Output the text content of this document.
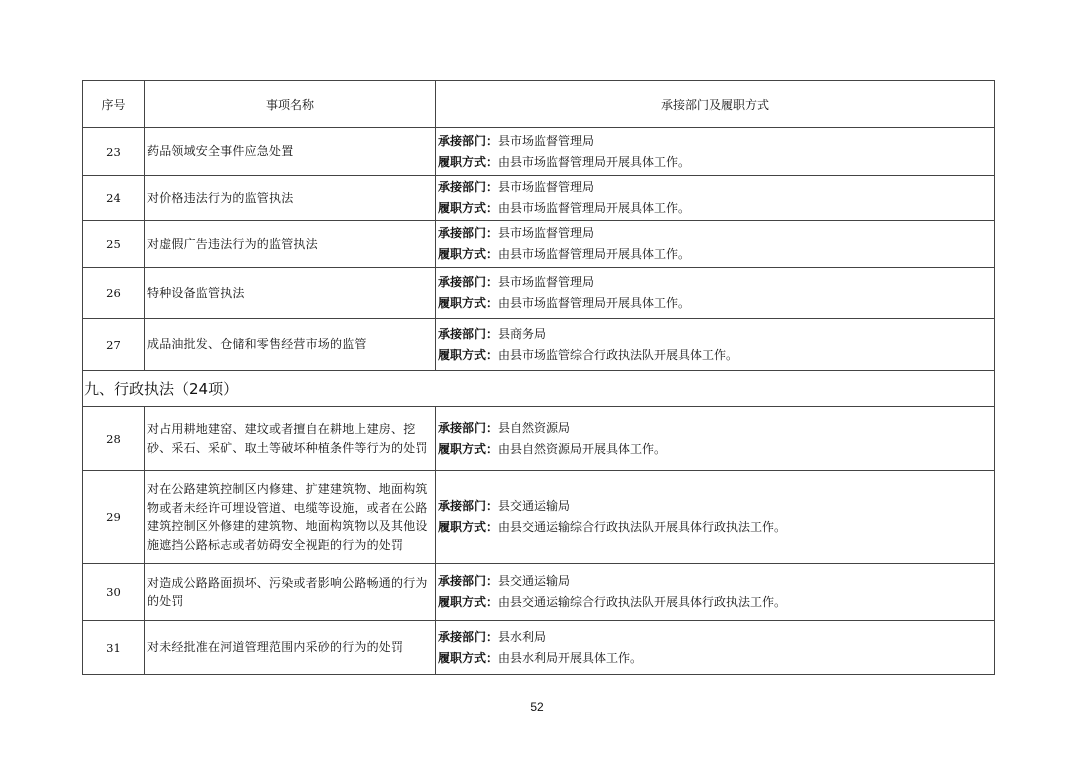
序号	事项名称	承接部门及履职方式
23	药品领域安全事件应急处置	承接部门：县市场监督管理局
履职方式：由县市场监督管理局开展具体工作。

24	对价格违法行为的监管执法	承接部门：县市场监督管理局
履职方式：由县市场监督管理局开展具体工作。

25	对虚假广告违法行为的监管执法	承接部门：县市场监督管理局
履职方式：由县市场监督管理局开展具体工作。

26	特种设备监管执法	承接部门：县市场监督管理局
履职方式：由县市场监督管理局开展具体工作。

27	成品油批发、仓储和零售经营市场的监管	承接部门：县商务局
履职方式：由县市场监管综合行政执法队开展具体工作。

九、行政执法（24项）		
28	对占用耕地建窑、建坟或者擅自在耕地上建房、挖砂、采石、采矿、取土等破坏种植条件等行为的处罚	承接部门：县自然资源局
履职方式：由县自然资源局开展具体工作。

29	对在公路建筑控制区内修建、扩建建筑物、地面构筑物或者未经许可埋设管道、电缆等设施，或者在公路建筑控制区外修建的建筑物、地面构筑物以及其他设施遮挡公路标志或者妨碍安全视距的行为的处罚	承接部门：县交通运输局
履职方式：由县交通运输综合行政执法队开展具体行政执法工作。

30	对造成公路路面损坏、污染或者影响公路畅通的行为的处罚	承接部门：县交通运输局
履职方式：由县交通运输综合行政执法队开展具体行政执法工作。

31	对未经批准在河道管理范围内采砂的行为的处罚	承接部门：县水利局
履职方式：由县水利局开展具体工作。
52
